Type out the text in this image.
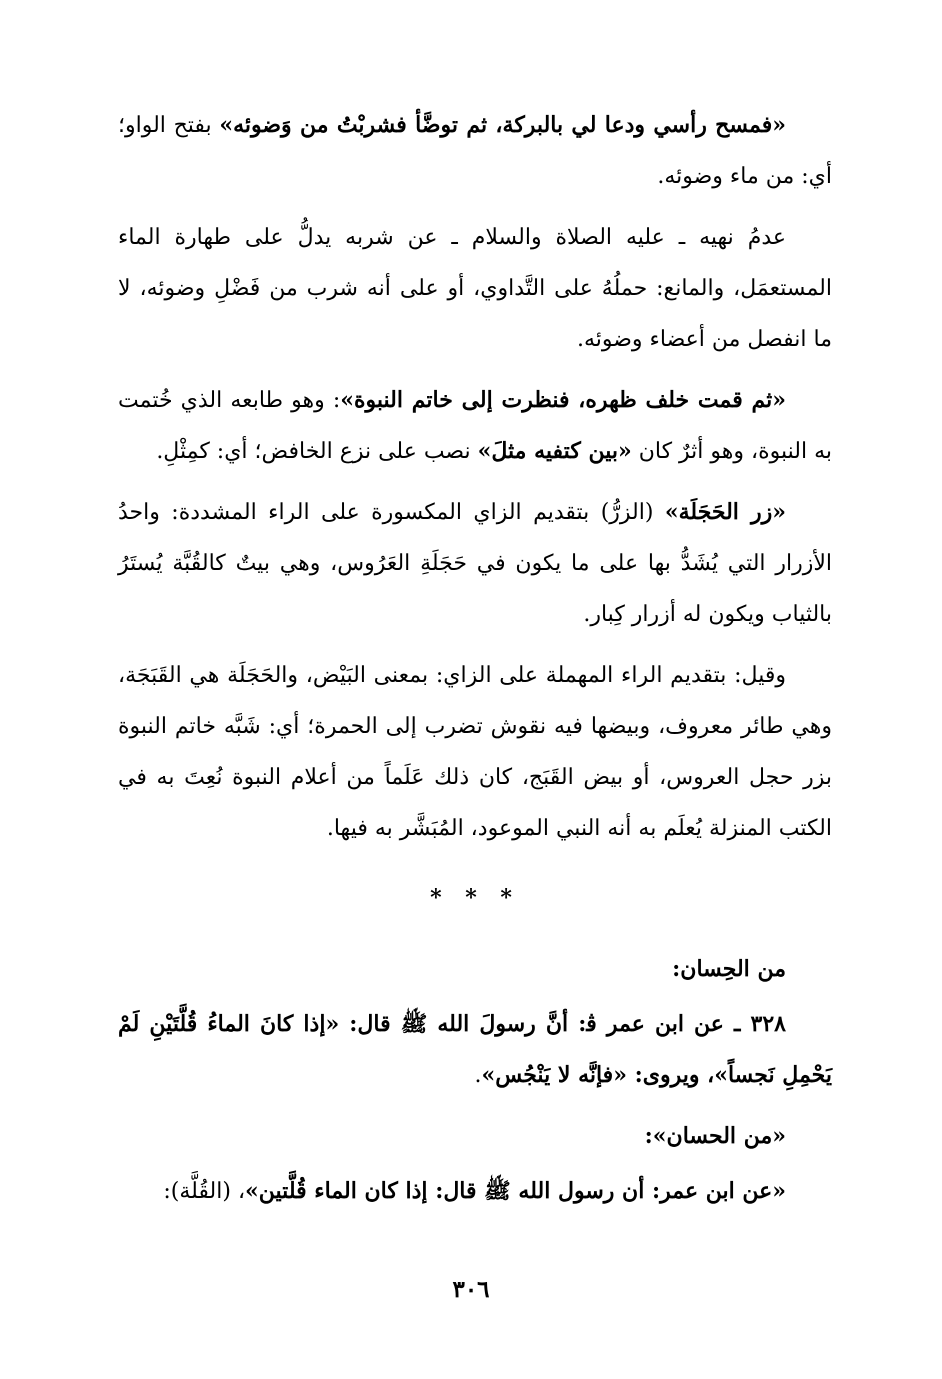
«فمسح رأسي ودعا لي بالبركة، ثم توضَّأ فشربْتُ من وَضوئه» بفتح الواو؛ أي: من ماء وضوئه.

عدمُ نهيه ـ عليه الصلاة والسلام ـ عن شربه يدلُّ على طهارة الماء المستعمَل، والمانع: حملُهُ على التَّداوي، أو على أنه شرب من فَضْلِ وضوئه، لا ما انفصل من أعضاء وضوئه.

«ثم قمت خلف ظهره، فنظرت إلى خاتم النبوة»: وهو طابعه الذي خُتمت به النبوة، وهو أثرٌ كان «بين كتفيه مثلَ» نصب على نزع الخافض؛ أي: كمِثْلِ.

«زر الحَجَلَة» (الزرُّ) بتقديم الزاي المكسورة على الراء المشددة: واحدُ الأزرار التي يُشَدُّ بها على ما يكون في حَجَلَةِ العَرُوس، وهي بيتٌ كالقُبَّة يُستَرُ بالثياب ويكون له أزرار كِبار.

وقيل: بتقديم الراء المهملة على الزاي: بمعنى البَيْض، والحَجَلَة هي القَبَجَة، وهي طائر معروف، وبيضها فيه نقوش تضرب إلى الحمرة؛ أي: شَبَّه خاتم النبوة بزر حجل العروس، أو بيض القَبَج، كان ذلك عَلَماً من أعلام النبوة نُعِتَ به في الكتب المنزلة يُعلَم به أنه النبي الموعود، المُبَشَّر به فيها.

* * *

من الحِسان:

٣٢٨ ـ عن ابن عمر ﭬ: أنَّ رسولَ الله ﷺ قال: «إذا كانَ الماءُ قُلَّتَيْنِ لَمْ يَحْمِلِ نَجساً»، ويروى: «فإنَّه لا يَنْجُس».

«من الحسان»:

«عن ابن عمر: أن رسول الله ﷺ قال: إذا كان الماء قُلَّتين»، (القُلَّة):

٣٠٦
